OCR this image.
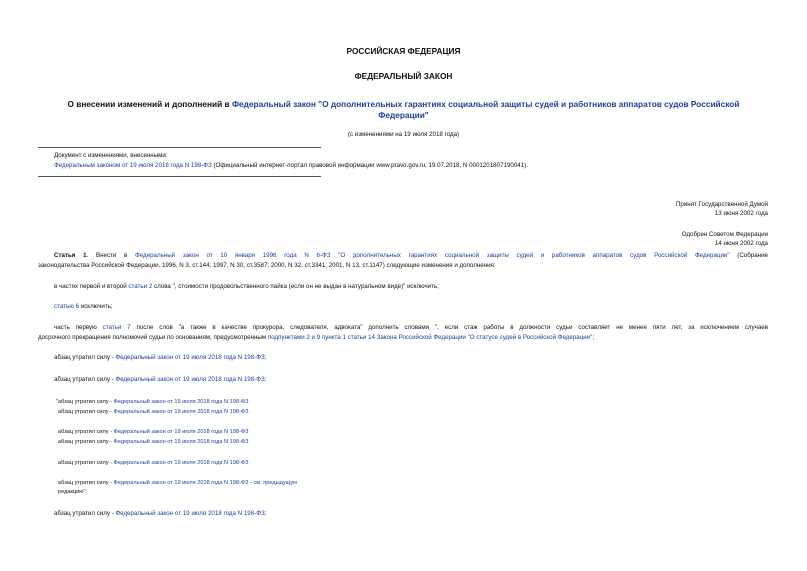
РОССИЙСКАЯ ФЕДЕРАЦИЯ
ФЕДЕРАЛЬНЫЙ ЗАКОН
О внесении изменений и дополнений в Федеральный закон "О дополнительных гарантиях социальной защиты судей и работников аппаратов судов Российской
Федерации"
(с изменениями на 19 июля 2018 года)
Документ с изменениями, внесенными:
Федеральным законом от 19 июля 2018 года N 198-ФЗ (Официальный интернет-портал правовой информации www.pravo.gov.ru, 19.07.2018, N 0001201807190041).
Принят Государственной Думой
13 июня 2002 года
Одобрен Советом Федерации
14 июня 2002 года
Статья 1. Внести в Федеральный закон от 10 января 1996 года N 6-ФЗ "О дополнительных гарантиях социальной защиты судей и работников аппаратов судов Российской Федерации" (Собрание
законодательства Российской Федерации, 1996, N 3, ст.144; 1997, N 30, ст.3587; 2000, N 32, ст.3341; 2001, N 13, ст.1147) следующие изменения и дополнения:
в частях первой и второй статьи 2 слова ", стоимости продовольственного пайка (если он не выдан в натуральном виде)" исключить;
статью 6 исключить;
часть первую статьи 7 после слов "а также в качестве прокурора, следователя, адвоката" дополнить словами ", если стаж работы в должности судьи составляет не менее пяти лет, за исключением случаев
досрочного прекращения полномочий судьи по основаниям, предусмотренным подпунктами 2 и 9 пункта 1 статьи 14 Закона Российской Федерации "О статусе судей в Российской Федерации";
абзац утратил силу - Федеральный закон от 19 июля 2018 года N 198-ФЗ;
абзац утратил силу - Федеральный закон от 19 июля 2018 года N 198-ФЗ;
"абзац утратил силу - Федеральный закон от 19 июля 2018 года N 198-ФЗ
абзац утратил силу - Федеральный закон от 19 июля 2018 года N 198-ФЗ
абзац утратил силу - Федеральный закон от 19 июля 2018 года N 198-ФЗ
абзац утратил силу - Федеральный закон от 19 июля 2018 года N 198-ФЗ
абзац утратил силу - Федеральный закон от 19 июля 2018 года N 198-ФЗ
абзац утратил силу - Федеральный закон от 19 июля 2018 года N 198-ФЗ - см. предыдущую
редакцию";
абзац утратил силу - Федеральный закон от 19 июля 2018 года N 198-ФЗ;
